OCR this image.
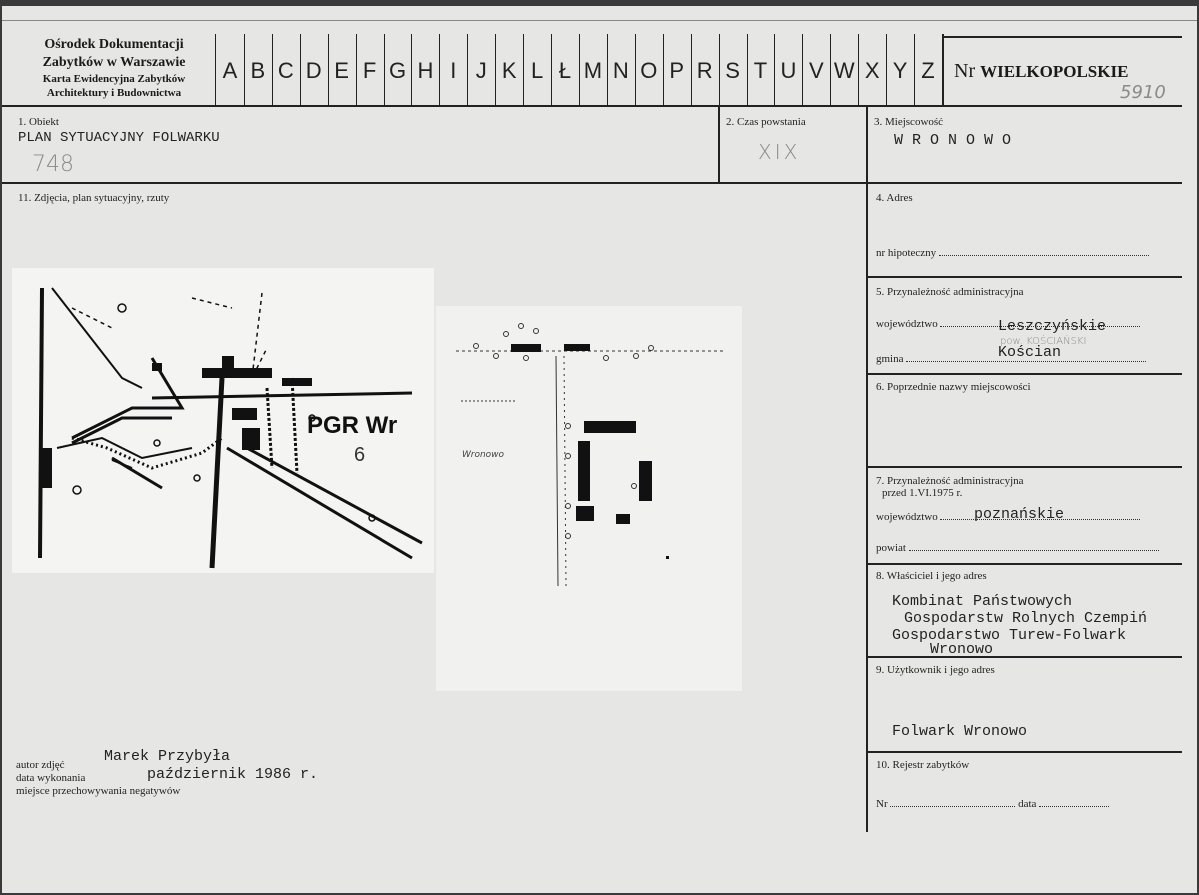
Ośrodek Dokumentacji
Zabytków w Warszawie
Karta Ewidencyjna Zabytków
Architektury i Budownictwa
A B C D E F G H I J K L Ł M N O P R S T U V W X Y Z Nr WIELKOPOLSKIE
5910
1. Obiekt
PLAN SYTUACYJNY FOLWARKU
748
2. Czas powstania
XIX
3. Miejscowość
W R O N O W O
11. Zdjęcia, plan sytuacyjny, rzuty
PGR Wr
6	Wronowo
autor zdjęć	Marek Przybyła
data wykonania	październik 1986 r.
miejsce przechowywania negatywów
4. Adres
nr hipoteczny
5. Przynależność administracyjna
województwo	Leszczyńskie
pow. KOŚCIAŃSKI
gmina	Kościan
6. Poprzednie nazwy miejscowości
7. Przynależność administracyjna
przed 1.VI.1975 r.
województwo	poznańskie
powiat
8. Właściciel i jego adres
Kombinat Państwowych
Gospodarstw Rolnych Czempiń
Gospodarstwo Turew-Folwark
Wronowo
9. Użytkownik i jego adres
Folwark Wronowo
10. Rejestr zabytków
Nr	data
